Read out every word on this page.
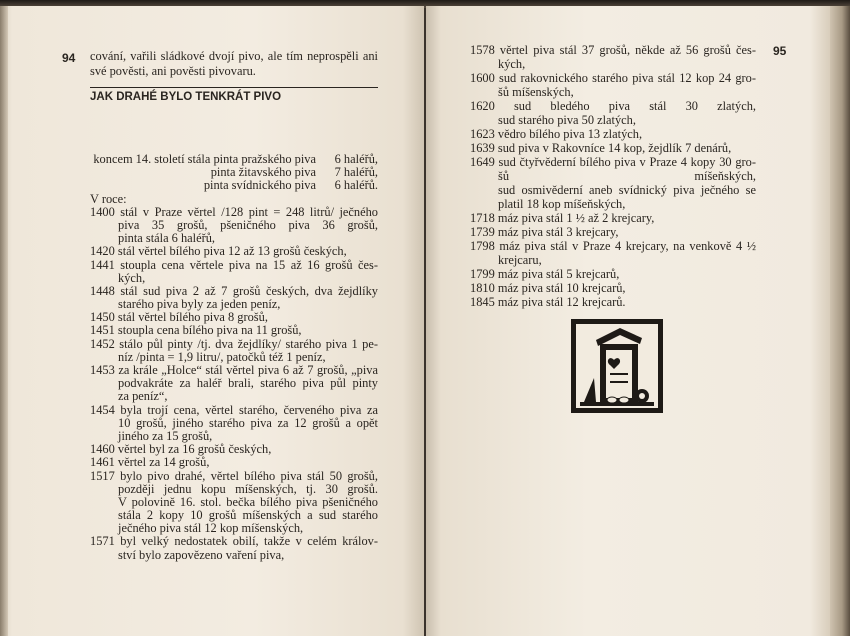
94 cování, vařili sládkové dvojí pivo, ale tím neprospěli ani
své pověsti, ani pověsti pivovaru.
JAK DRAHÉ BYLO TENKRÁT PIVO
koncem 14. století stála pinta pražského piva	6 haléřů,
pinta žitavského piva	7 haléřů,
pinta svídnického piva	6 haléřů.
V roce:
1400 stál v Praze věrtel /128 pint = 248 litrů/ ječného
piva 35 grošů, pšeničného piva 36 grošů,
pinta stála 6 haléřů,
1420 stál věrtel bílého piva 12 až 13 grošů českých,
1441 stoupla cena věrtele piva na 15 až 16 grošů čes-
kých,
1448 stál sud piva 2 až 7 grošů českých, dva žejdlíky
starého piva byly za jeden peníz,
1450 stál věrtel bílého piva 8 grošů,
1451 stoupla cena bílého piva na 11 grošů,
1452 stálo půl pinty /tj. dva žejdlíky/ starého piva 1 pe-
níz /pinta = 1,9 litru/, patočků též 1 peníz,
1453 za krále „Holce“ stál věrtel piva 6 až 7 grošů, „piva
podvakráte za haléř brali, starého piva půl pinty
za peníz“,
1454 byla trojí cena, věrtel starého, červeného piva za
10 grošů, jiného starého piva za 12 grošů a opět
jiného za 15 grošů,
1460 věrtel byl za 16 grošů českých,
1461 věrtel za 14 grošů,
1517 bylo pivo drahé, věrtel bílého piva stál 50 grošů,
později jednu kopu míšenských, tj. 30 grošů.
V polovině 16. stol. bečka bílého piva pšeničného
stála 2 kopy 10 grošů míšenských a sud starého
ječného piva stál 12 kop míšenských,
1571 byl velký nedostatek obilí, takže v celém králov-
ství bylo zapovězeno vaření piva,
95
1578 věrtel piva stál 37 grošů, někde až 56 grošů čes-
kých,
1600 sud rakovnického starého piva stál 12 kop 24 gro-
šů míšenských,
1620 sud bledého piva stál 30 zlatých,
sud starého piva 50 zlatých,
1623 vědro bílého piva 13 zlatých,
1639 sud piva v Rakovníce 14 kop, žejdlík 7 denárů,
1649 sud čtyřvěderní bílého piva v Praze 4 kopy 30 gro-
šů míšeňských,
sud osmivěderní aneb svídnický piva ječného se
platil 18 kop míšeňských,
1718 máz piva stál 1 ½ až 2 krejcary,
1739 máz piva stál 3 krejcary,
1798 máz piva stál v Praze 4 krejcary, na venkově 4 ½
krejcaru,
1799 máz piva stál 5 krejcarů,
1810 máz piva stál 10 krejcarů,
1845 máz piva stál 12 krejcarů.
